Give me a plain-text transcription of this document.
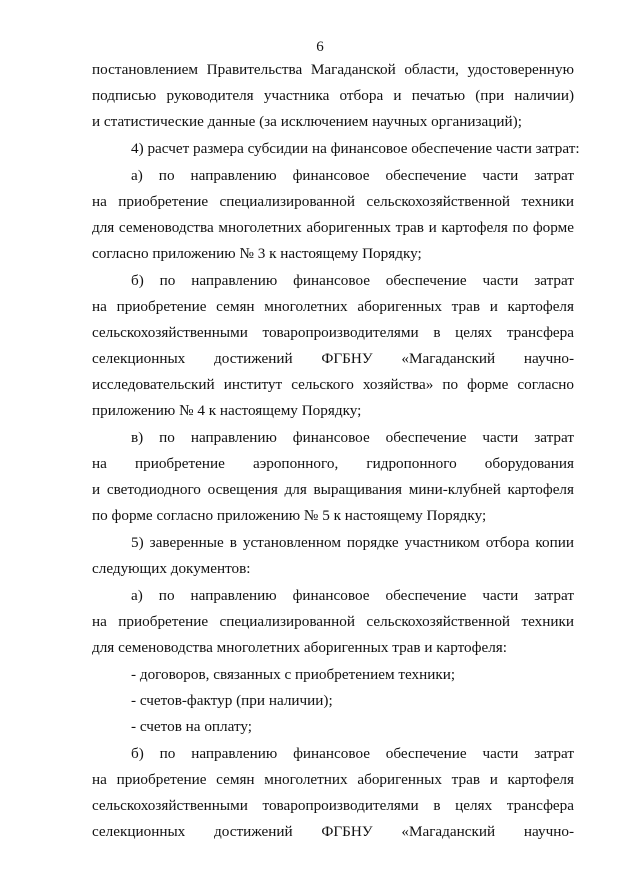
6
постановлением Правительства Магаданской области, удостоверенную
подписью руководителя участника отбора и печатью (при наличии)
и статистические данные (за исключением научных организаций);
4) расчет размера субсидии на финансовое обеспечение части затрат:
а) по направлению финансовое обеспечение части затрат
на приобретение специализированной сельскохозяйственной техники
для семеноводства многолетних аборигенных трав и картофеля по форме
согласно приложению № 3 к настоящему Порядку;
б) по направлению финансовое обеспечение части затрат
на приобретение семян многолетних аборигенных трав и картофеля
сельскохозяйственными товаропроизводителями в целях трансфера
селекционных достижений ФГБНУ «Магаданский научно-
исследовательский институт сельского хозяйства» по форме согласно
приложению № 4 к настоящему Порядку;
в) по направлению финансовое обеспечение части затрат
на приобретение аэропонного, гидропонного оборудования
и светодиодного освещения для выращивания мини-клубней картофеля
по форме согласно приложению № 5 к настоящему Порядку;
5) заверенные в установленном порядке участником отбора копии
следующих документов:
а) по направлению финансовое обеспечение части затрат
на приобретение специализированной сельскохозяйственной техники
для семеноводства многолетних аборигенных трав и картофеля:
- договоров, связанных с приобретением техники;
- счетов-фактур (при наличии);
- счетов на оплату;
б) по направлению финансовое обеспечение части затрат
на приобретение семян многолетних аборигенных трав и картофеля
сельскохозяйственными товаропроизводителями в целях трансфера
селекционных достижений ФГБНУ «Магаданский научно-
